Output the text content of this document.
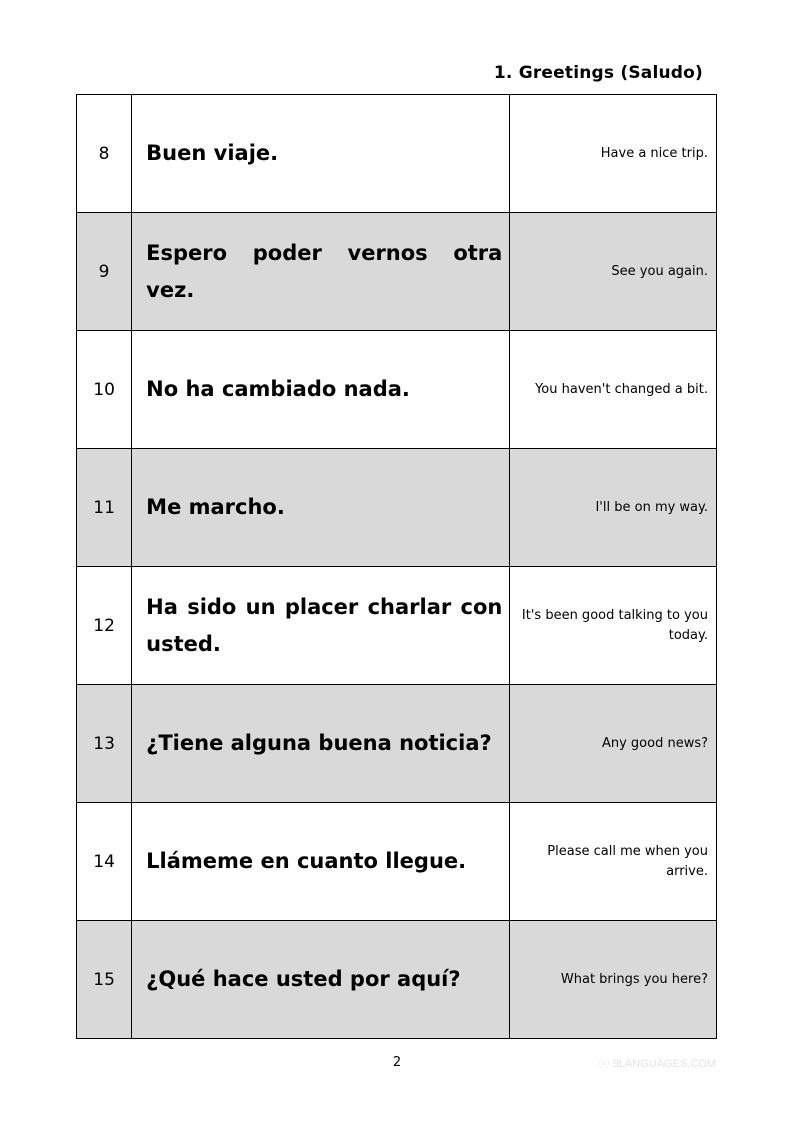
1. Greetings (Saludo)
8	Buen viaje.	Have a nice trip.
9	Espero poder vernos otra vez.	See you again.
10	No ha cambiado nada.	You haven't changed a bit.
11	Me marcho.	I'll be on my way.
12	Ha sido un placer charlar con usted.	It's been good talking to you today.
13	¿Tiene alguna buena noticia?	Any good news?
14	Llámeme en cuanto llegue.	Please call me when you arrive.
15	¿Qué hace usted por aquí?	What brings you here?
2	ⓒ 9LANGUAGES.COM
